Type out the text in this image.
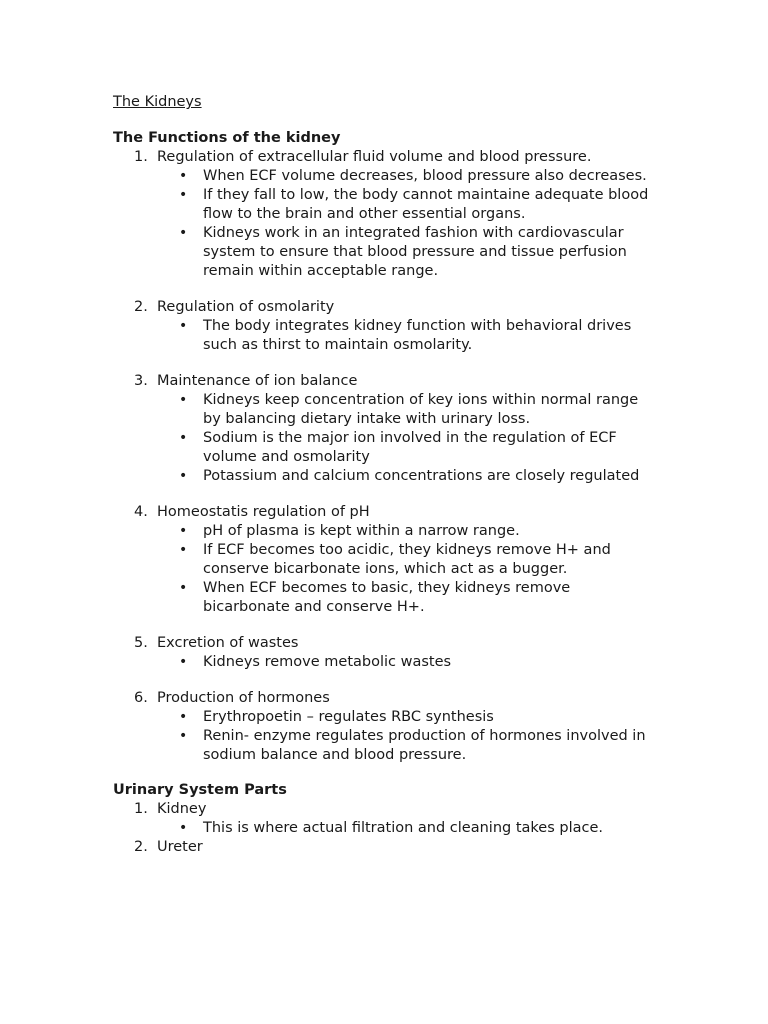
The Kidneys
The Functions of the kidney
1. Regulation of extracellular fluid volume and blood pressure.
• When ECF volume decreases, blood pressure also decreases.
• If they fall to low, the body cannot maintaine adequate blood flow to the brain and other essential organs.
• Kidneys work in an integrated fashion with cardiovascular system to ensure that blood pressure and tissue perfusion remain within acceptable range.
2. Regulation of osmolarity
• The body integrates kidney function with behavioral drives such as thirst to maintain osmolarity.
3. Maintenance of ion balance
• Kidneys keep concentration of key ions within normal range by balancing dietary intake with urinary loss.
• Sodium is the major ion involved in the regulation of ECF volume and osmolarity
• Potassium and calcium concentrations are closely regulated
4. Homeostatis regulation of pH
• pH of plasma is kept within a narrow range.
• If ECF becomes too acidic, they kidneys remove H+ and conserve bicarbonate ions, which act as a bugger.
• When ECF becomes to basic, they kidneys remove bicarbonate and conserve H+.
5. Excretion of wastes
• Kidneys remove metabolic wastes
6. Production of hormones
• Erythropoetin – regulates RBC synthesis
• Renin- enzyme regulates production of hormones involved in sodium balance and blood pressure.
Urinary System Parts
1. Kidney
• This is where actual filtration and cleaning takes place.
2. Ureter
